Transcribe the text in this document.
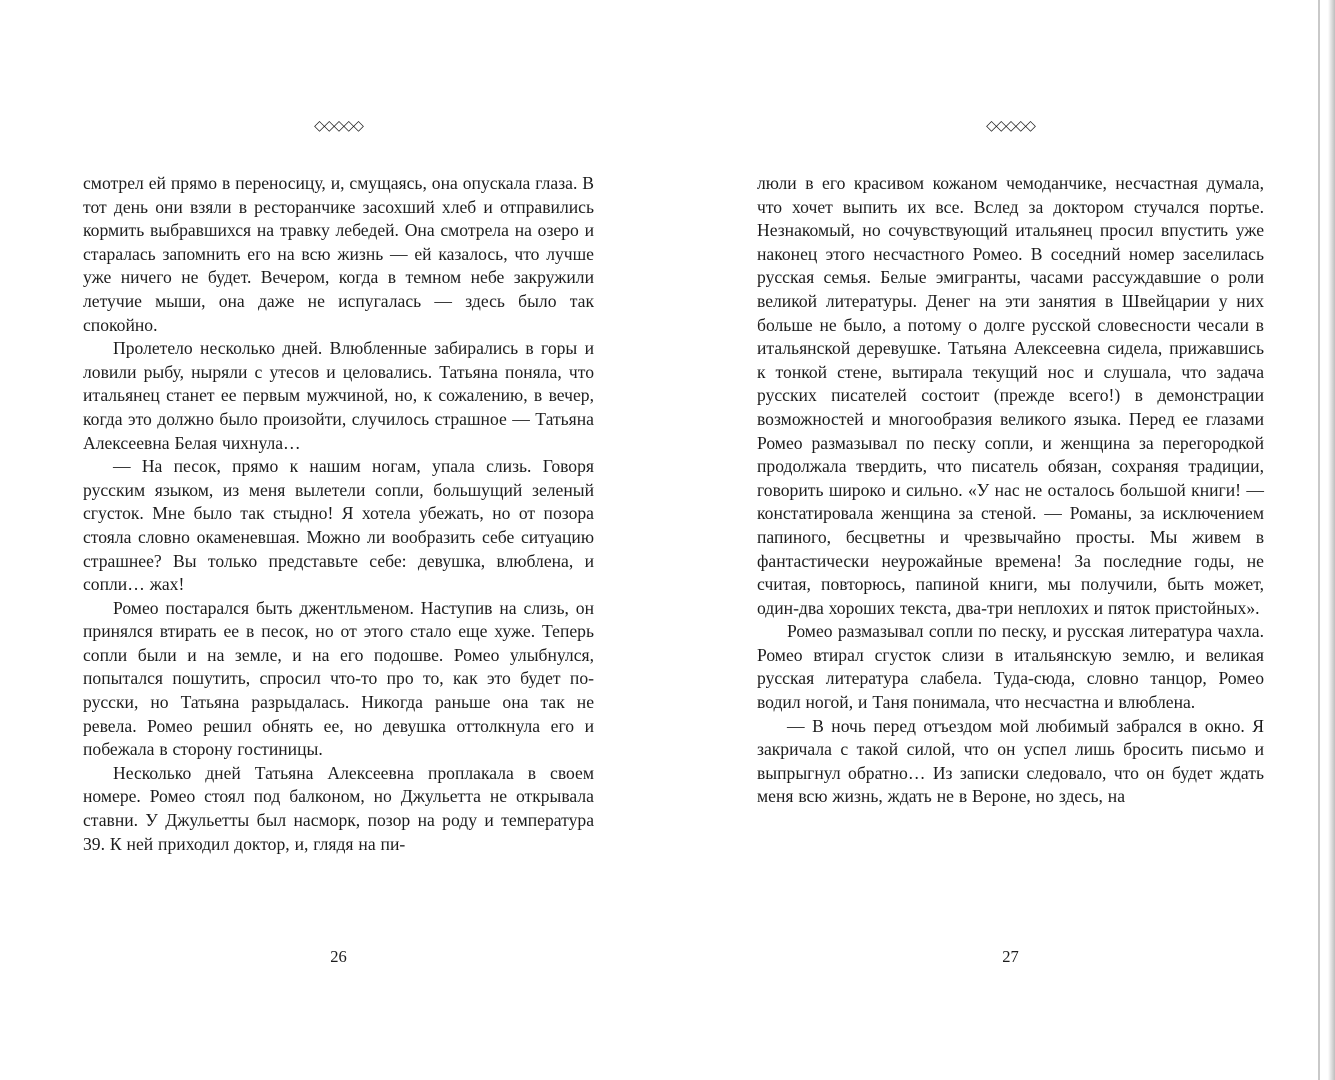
◇◇◇◇◇

смотрел ей прямо в переносицу, и, смущаясь, она опускала глаза. В тот день они взяли в ресторанчике засохший хлеб и отправились кормить выбравшихся на травку лебедей. Она смотрела на озеро и старалась запомнить его на всю жизнь — ей казалось, что лучше уже ничего не будет. Вечером, когда в темном небе закружили летучие мыши, она даже не испугалась — здесь было так спокойно.

Пролетело несколько дней. Влюбленные забирались в горы и ловили рыбу, ныряли с утесов и целовались. Татьяна поняла, что итальянец станет ее первым мужчиной, но, к сожалению, в вечер, когда это должно было произойти, случилось страшное — Татьяна Алексеевна Белая чихнула…

— На песок, прямо к нашим ногам, упала слизь. Говоря русским языком, из меня вылетели сопли, большущий зеленый сгусток. Мне было так стыдно! Я хотела убежать, но от позора стояла словно окаменевшая. Можно ли вообразить себе ситуацию страшнее? Вы только представьте себе: девушка, влюблена, и сопли… жах!

Ромео постарался быть джентльменом. Наступив на слизь, он принялся втирать ее в песок, но от этого стало еще хуже. Теперь сопли были и на земле, и на его подошве. Ромео улыбнулся, попытался пошутить, спросил что-то про то, как это будет по-русски, но Татьяна разрыдалась. Никогда раньше она так не ревела. Ромео решил обнять ее, но девушка оттолкнула его и побежала в сторону гостиницы.

Несколько дней Татьяна Алексеевна проплакала в своем номере. Ромео стоял под балконом, но Джульетта не открывала ставни. У Джульетты был насморк, позор на роду и температура 39. К ней приходил доктор, и, глядя на пи-

26
◇◇◇◇◇

люли в его красивом кожаном чемоданчике, несчастная думала, что хочет выпить их все. Вслед за доктором стучался портье. Незнакомый, но сочувствующий итальянец просил впустить уже наконец этого несчастного Ромео. В соседний номер заселилась русская семья. Белые эмигранты, часами рассуждавшие о роли великой литературы. Денег на эти занятия в Швейцарии у них больше не было, а потому о долге русской словесности чесали в итальянской деревушке. Татьяна Алексеевна сидела, прижавшись к тонкой стене, вытирала текущий нос и слушала, что задача русских писателей состоит (прежде всего!) в демонстрации возможностей и многообразия великого языка. Перед ее глазами Ромео размазывал по песку сопли, и женщина за перегородкой продолжала твердить, что писатель обязан, сохраняя традиции, говорить широко и сильно. «У нас не осталось большой книги! — констатировала женщина за стеной. — Романы, за исключением папиного, бесцветны и чрезвычайно просты. Мы живем в фантастически неурожайные времена! За последние годы, не считая, повторюсь, папиной книги, мы получили, быть может, один-два хороших текста, два-три неплохих и пяток пристойных».

Ромео размазывал сопли по песку, и русская литература чахла. Ромео втирал сгусток слизи в итальянскую землю, и великая русская литература слабела. Туда-сюда, словно танцор, Ромео водил ногой, и Таня понимала, что несчастна и влюблена.

— В ночь перед отъездом мой любимый забрался в окно. Я закричала с такой силой, что он успел лишь бросить письмо и выпрыгнул обратно… Из записки следовало, что он будет ждать меня всю жизнь, ждать не в Вероне, но здесь, на

27
